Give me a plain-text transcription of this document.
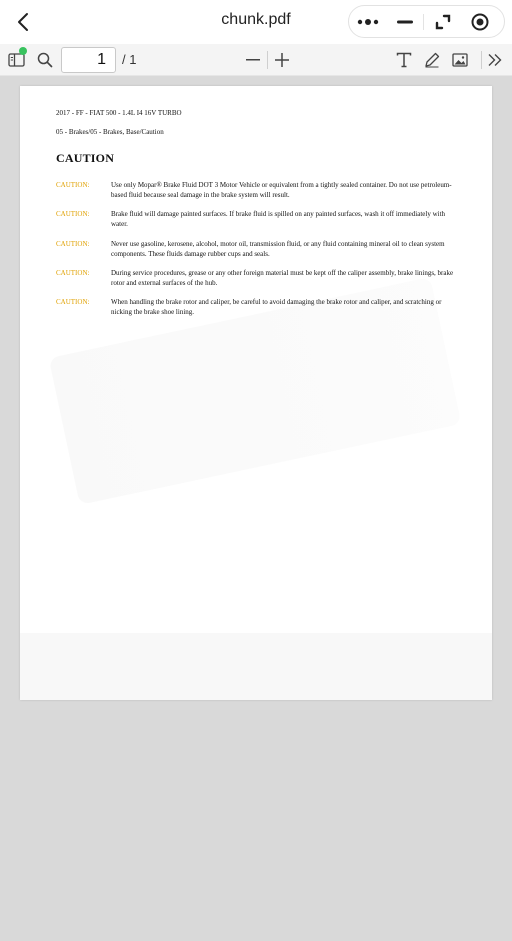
chunk.pdf
1
/ 1
2017 - FF - FIAT 500 - 1.4L I4 16V TURBO
05 - Brakes/05 - Brakes, Base/Caution
CAUTION
CAUTION:	Use only Mopar® Brake Fluid DOT 3 Motor Vehicle or equivalent from a tightly sealed container. Do not use petroleum-based fluid because seal damage in the brake system will result.
CAUTION:	Brake fluid will damage painted surfaces. If brake fluid is spilled on any painted surfaces, wash it off immediately with water.
CAUTION:	Never use gasoline, kerosene, alcohol, motor oil, transmission fluid, or any fluid containing mineral oil to clean system components. These fluids damage rubber cups and seals.
CAUTION:	During service procedures, grease or any other foreign material must be kept off the caliper assembly, brake linings, brake rotor and external surfaces of the hub.
CAUTION:	When handling the brake rotor and caliper, be careful to avoid damaging the brake rotor and caliper, and scratching or nicking the brake shoe lining.
